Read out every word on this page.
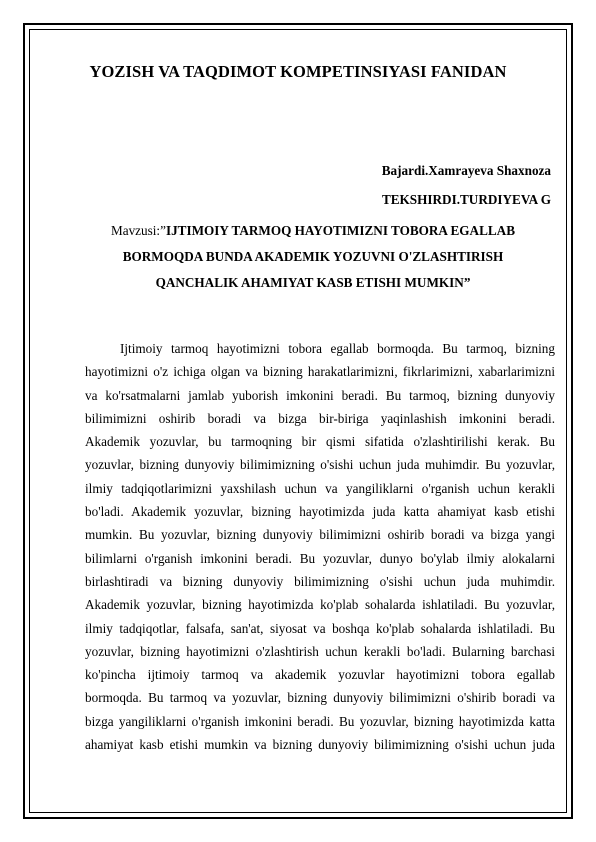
YOZISH VA TAQDIMOT KOMPETINSIYASI FANIDAN
Bajardi.Xamrayeva Shaxnoza
TEKSHIRDI.TURDIYEVA G
Mavzusi:”IJTIMOIY TARMOQ HAYOTIMIZNI TOBORA EGALLAB
BORMOQDA BUNDA AKADEMIK YOZUVNI O'ZLASHTIRISH
QANCHALIK AHAMIYAT KASB ETISHI MUMKIN”
Ijtimoiy tarmoq hayotimizni tobora egallab bormoqda. Bu tarmoq, bizning
hayotimizni o'z ichiga olgan va bizning harakatlarimizni, fikrlarimizni, xabarlarimizni
va ko'rsatmalarni jamlab yuborish imkonini beradi. Bu tarmoq, bizning dunyoviy
bilimimizni oshirib boradi va bizga bir-biriga yaqinlashish imkonini beradi.
Akademik yozuvlar, bu tarmoqning bir qismi sifatida o'zlashtirilishi kerak. Bu
yozuvlar, bizning dunyoviy bilimimizning o'sishi uchun juda muhimdir. Bu yozuvlar,
ilmiy tadqiqotlarimizni yaxshilash uchun va yangiliklarni o'rganish uchun kerakli
bo'ladi. Akademik yozuvlar, bizning hayotimizda juda katta ahamiyat kasb etishi
mumkin. Bu yozuvlar, bizning dunyoviy bilimimizni oshirib boradi va bizga yangi
bilimlarni o'rganish imkonini beradi. Bu yozuvlar, dunyo bo'ylab ilmiy alokalarni
birlashtiradi va bizning dunyoviy bilimimizning o'sishi uchun juda muhimdir.
Akademik yozuvlar, bizning hayotimizda ko'plab sohalarda ishlatiladi. Bu yozuvlar,
ilmiy tadqiqotlar, falsafa, san'at, siyosat va boshqa ko'plab sohalarda ishlatiladi. Bu
yozuvlar, bizning hayotimizni o'zlashtirish uchun kerakli bo'ladi. Bularning barchasi
ko'pincha ijtimoiy tarmoq va akademik yozuvlar hayotimizni tobora egallab
bormoqda. Bu tarmoq va yozuvlar, bizning dunyoviy bilimimizni o'shirib boradi va
bizga yangiliklarni o'rganish imkonini beradi. Bu yozuvlar, bizning hayotimizda katta
ahamiyat kasb etishi mumkin va bizning dunyoviy bilimimizning o'sishi uchun juda
